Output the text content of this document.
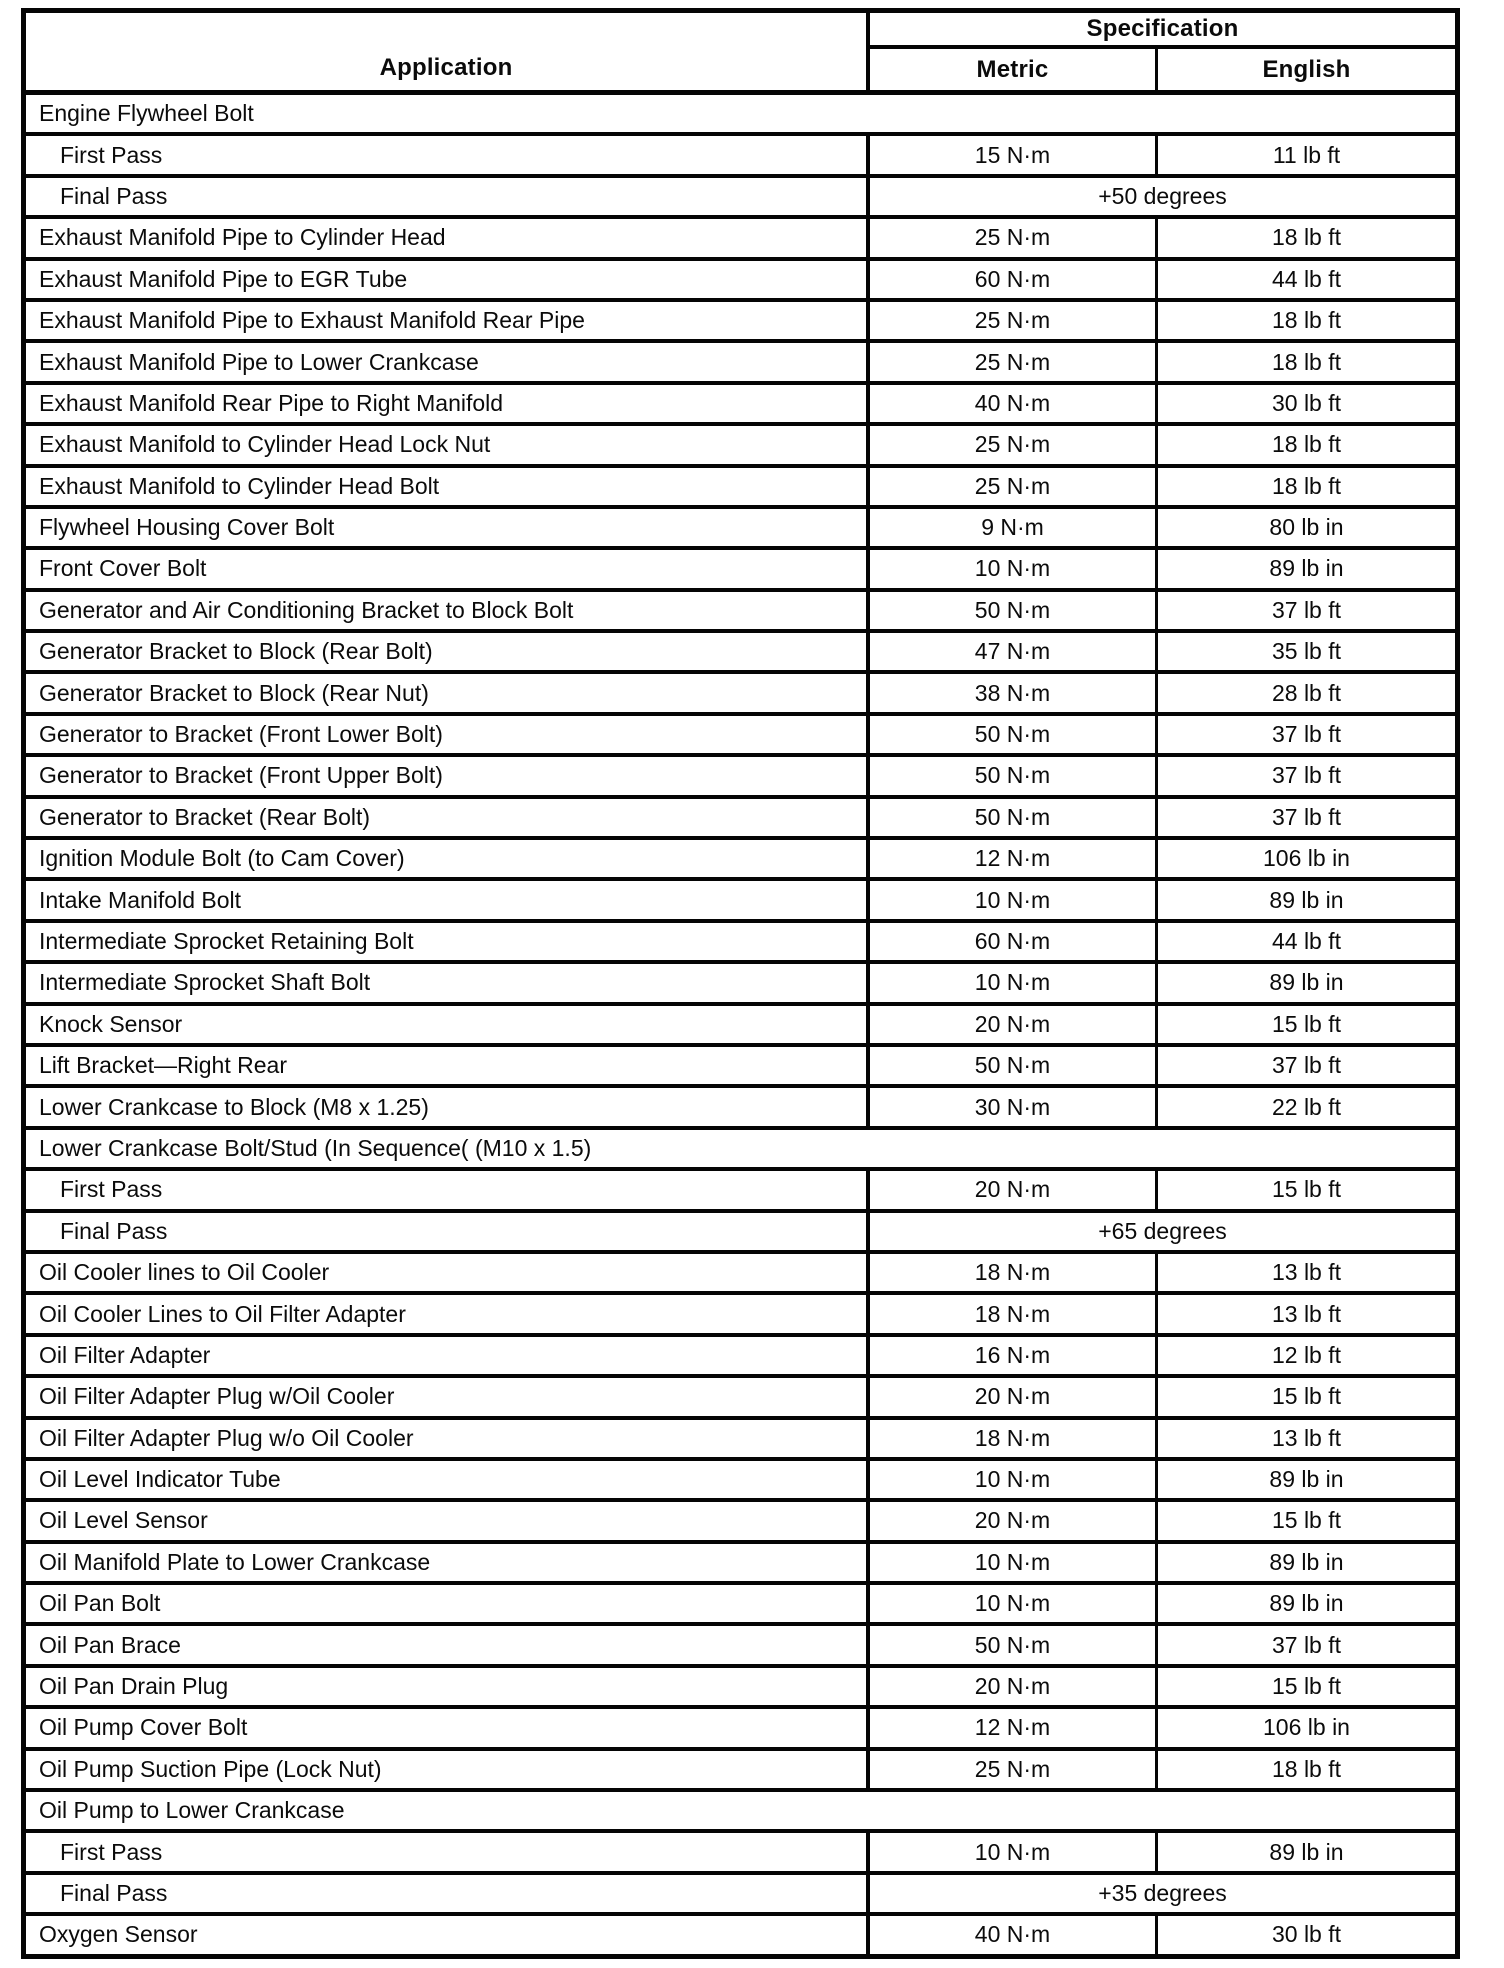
Application
Specification
Metric	English
Engine Flywheel Bolt
First Pass	15 N·m	11 lb ft
Final Pass	+50 degrees
Exhaust Manifold Pipe to Cylinder Head	25 N·m	18 lb ft
Exhaust Manifold Pipe to EGR Tube	60 N·m	44 lb ft
Exhaust Manifold Pipe to Exhaust Manifold Rear Pipe	25 N·m	18 lb ft
Exhaust Manifold Pipe to Lower Crankcase	25 N·m	18 lb ft
Exhaust Manifold Rear Pipe to Right Manifold	40 N·m	30 lb ft
Exhaust Manifold to Cylinder Head Lock Nut	25 N·m	18 lb ft
Exhaust Manifold to Cylinder Head Bolt	25 N·m	18 lb ft
Flywheel Housing Cover Bolt	9 N·m	80 lb in
Front Cover Bolt	10 N·m	89 lb in
Generator and Air Conditioning Bracket to Block Bolt	50 N·m	37 lb ft
Generator Bracket to Block (Rear Bolt)	47 N·m	35 lb ft
Generator Bracket to Block (Rear Nut)	38 N·m	28 lb ft
Generator to Bracket (Front Lower Bolt)	50 N·m	37 lb ft
Generator to Bracket (Front Upper Bolt)	50 N·m	37 lb ft
Generator to Bracket (Rear Bolt)	50 N·m	37 lb ft
Ignition Module Bolt (to Cam Cover)	12 N·m	106 lb in
Intake Manifold Bolt	10 N·m	89 lb in
Intermediate Sprocket Retaining Bolt	60 N·m	44 lb ft
Intermediate Sprocket Shaft Bolt	10 N·m	89 lb in
Knock Sensor	20 N·m	15 lb ft
Lift Bracket—Right Rear	50 N·m	37 lb ft
Lower Crankcase to Block (M8 x 1.25)	30 N·m	22 lb ft
Lower Crankcase Bolt/Stud (In Sequence( (M10 x 1.5)
First Pass	20 N·m	15 lb ft
Final Pass	+65 degrees
Oil Cooler lines to Oil Cooler	18 N·m	13 lb ft
Oil Cooler Lines to Oil Filter Adapter	18 N·m	13 lb ft
Oil Filter Adapter	16 N·m	12 lb ft
Oil Filter Adapter Plug w/Oil Cooler	20 N·m	15 lb ft
Oil Filter Adapter Plug w/o Oil Cooler	18 N·m	13 lb ft
Oil Level Indicator Tube	10 N·m	89 lb in
Oil Level Sensor	20 N·m	15 lb ft
Oil Manifold Plate to Lower Crankcase	10 N·m	89 lb in
Oil Pan Bolt	10 N·m	89 lb in
Oil Pan Brace	50 N·m	37 lb ft
Oil Pan Drain Plug	20 N·m	15 lb ft
Oil Pump Cover Bolt	12 N·m	106 lb in
Oil Pump Suction Pipe (Lock Nut)	25 N·m	18 lb ft
Oil Pump to Lower Crankcase
First Pass	10 N·m	89 lb in
Final Pass	+35 degrees
Oxygen Sensor	40 N·m	30 lb ft
